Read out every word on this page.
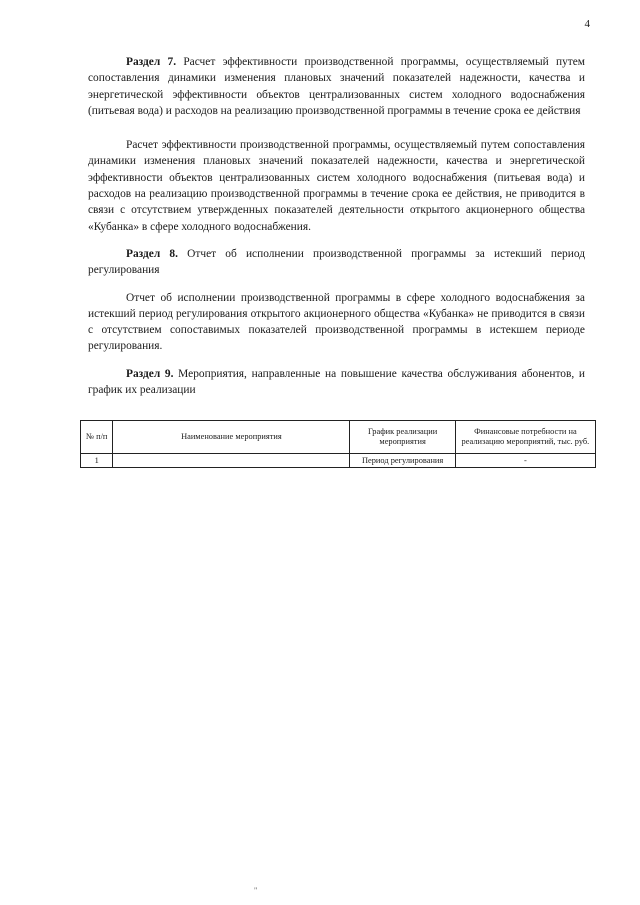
4

Раздел 7. Расчет эффективности производственной программы, осуществляемый путем сопоставления динамики изменения плановых значений показателей надежности, качества и энергетической эффективности объектов централизованных систем холодного водоснабжения (питьевая вода) и расходов на реализацию производственной программы в течение срока ее действия

Расчет эффективности производственной программы, осуществляемый путем сопоставления динамики изменения плановых значений показателей надежности, качества и энергетической эффективности объектов централизованных систем холодного водоснабжения (питьевая вода) и расходов на реализацию производственной программы в течение срока ее действия, не приводится в связи с отсутствием утвержденных показателей деятельности открытого акционерного общества «Кубанка» в сфере холодного водоснабжения.

Раздел 8. Отчет об исполнении производственной программы за истекший период регулирования

Отчет об исполнении производственной программы в сфере холодного водоснабжения за истекший период регулирования открытого акционерного общества «Кубанка» не приводится в связи с отсутствием сопоставимых показателей производственной программы в истекшем периоде регулирования.

Раздел 9. Мероприятия, направленные на повышение качества обслуживания абонентов, и график их реализации

№ п/п	Наименование мероприятия	График реализации мероприятия	Финансовые потребности на реализацию мероприятий, тыс. руб.
1		Период регулирования	-
"
